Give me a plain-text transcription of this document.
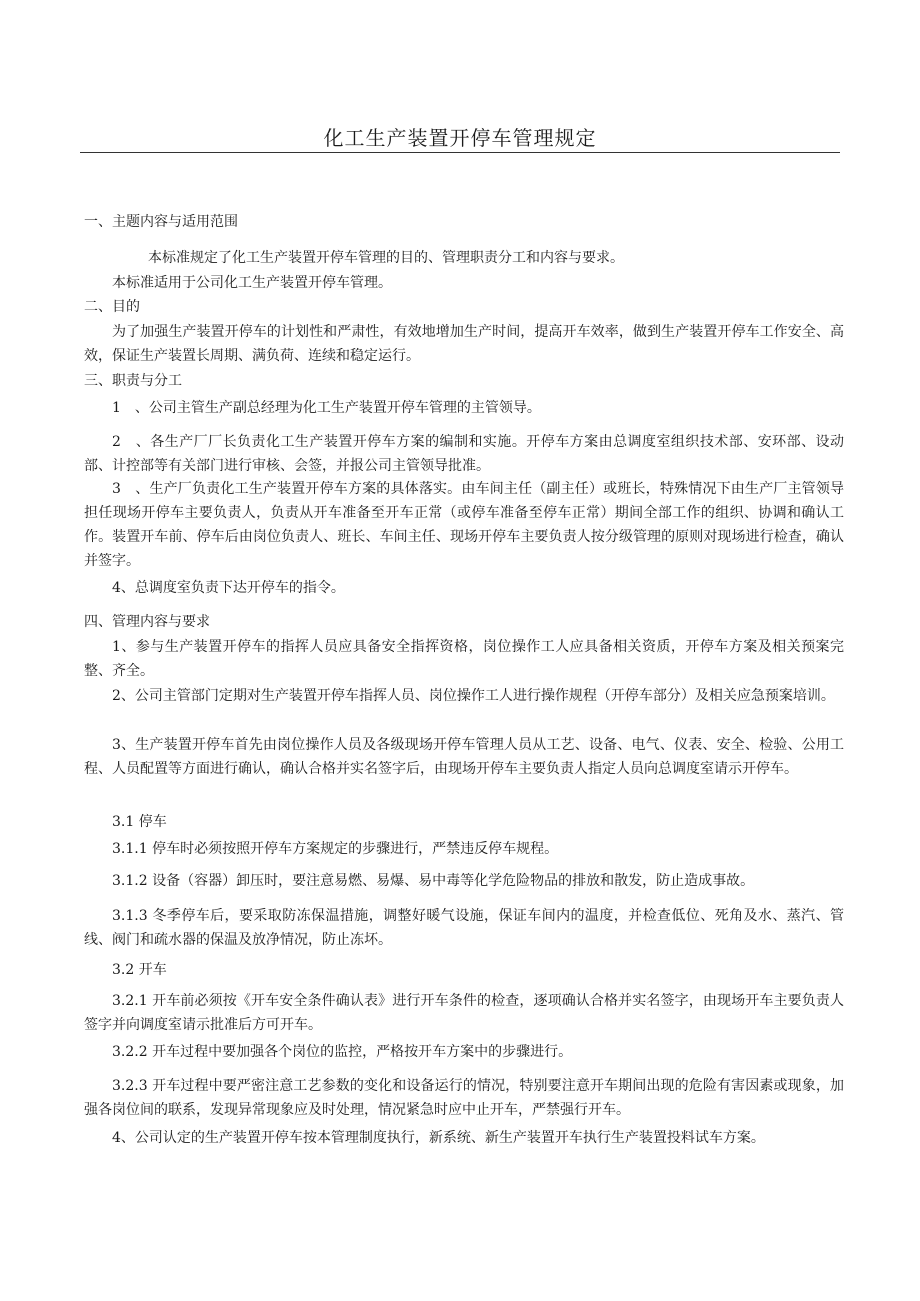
化工生产装置开停车管理规定
一、主题内容与适用范围
本标准规定了化工生产装置开停车管理的目的、管理职责分工和内容与要求。
本标准适用于公司化工生产装置开停车管理。
二、目的
为了加强生产装置开停车的计划性和严肃性，有效地增加生产时间，提高开车效率，做到生产装置开停车工作安全、高效，保证生产装置长周期、满负荷、连续和稳定运行。
三、职责与分工
1　、公司主管生产副总经理为化工生产装置开停车管理的主管领导。
2　、各生产厂厂长负责化工生产装置开停车方案的编制和实施。开停车方案由总调度室组织技术部、安环部、设动部、计控部等有关部门进行审核、会签，并报公司主管领导批准。
3　、生产厂负责化工生产装置开停车方案的具体落实。由车间主任（副主任）或班长，特殊情况下由生产厂主管领导担任现场开停车主要负责人，负责从开车准备至开车正常（或停车准备至停车正常）期间全部工作的组织、协调和确认工作。装置开车前、停车后由岗位负责人、班长、车间主任、现场开停车主要负责人按分级管理的原则对现场进行检查，确认并签字。
4、总调度室负责下达开停车的指令。
四、管理内容与要求
1、参与生产装置开停车的指挥人员应具备安全指挥资格，岗位操作工人应具备相关资质，开停车方案及相关预案完整、齐全。
2、公司主管部门定期对生产装置开停车指挥人员、岗位操作工人进行操作规程（开停车部分）及相关应急预案培训。
3、生产装置开停车首先由岗位操作人员及各级现场开停车管理人员从工艺、设备、电气、仪表、安全、检验、公用工程、人员配置等方面进行确认，确认合格并实名签字后，由现场开停车主要负责人指定人员向总调度室请示开停车。
3.1 停车
3.1.1 停车时必须按照开停车方案规定的步骤进行，严禁违反停车规程。
3.1.2 设备（容器）卸压时，要注意易燃、易爆、易中毒等化学危险物品的排放和散发，防止造成事故。
3.1.3 冬季停车后，要采取防冻保温措施，调整好暖气设施，保证车间内的温度，并检查低位、死角及水、蒸汽、管线、阀门和疏水器的保温及放净情况，防止冻坏。
3.2 开车
3.2.1 开车前必须按《开车安全条件确认表》进行开车条件的检查，逐项确认合格并实名签字，由现场开车主要负责人签字并向调度室请示批准后方可开车。
3.2.2 开车过程中要加强各个岗位的监控，严格按开车方案中的步骤进行。
3.2.3 开车过程中要严密注意工艺参数的变化和设备运行的情况，特别要注意开车期间出现的危险有害因素或现象，加强各岗位间的联系，发现异常现象应及时处理，情况紧急时应中止开车，严禁强行开车。
4、公司认定的生产装置开停车按本管理制度执行，新系统、新生产装置开车执行生产装置投料试车方案。
